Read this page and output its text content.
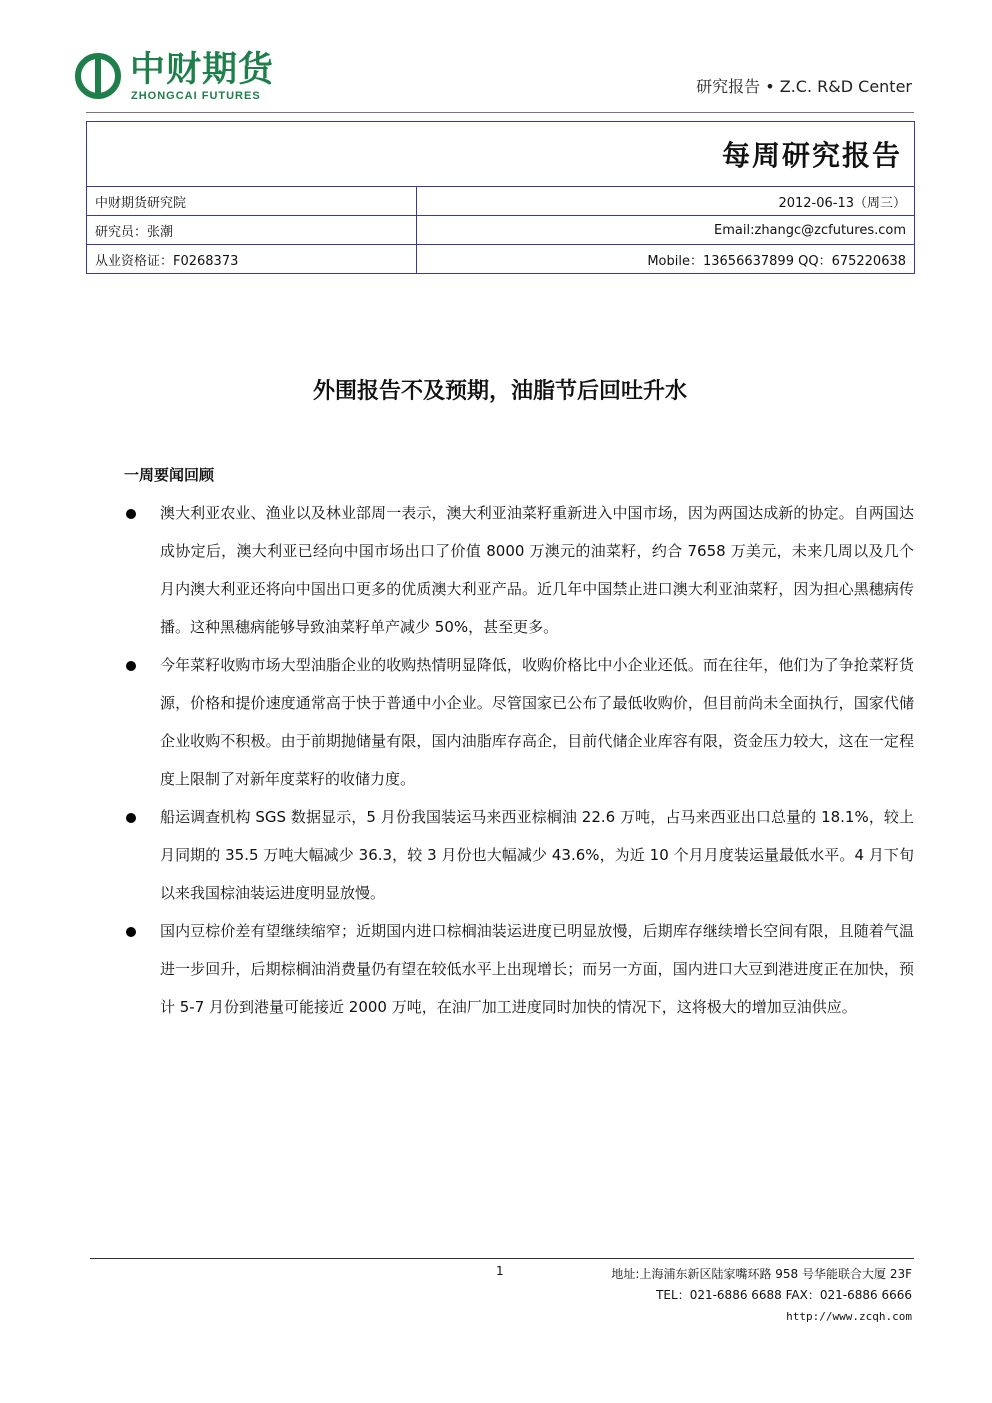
中财期货
ZHONGCAI FUTURES	研究报告 • Z.C. R&D Center
每周研究报告	
中财期货研究院	2012-06-13（周三）
研究员：张潮	Email:zhangc@zcfutures.com
从业资格证：F0268373	Mobile：13656637899 QQ：675220638
外围报告不及预期，油脂节后回吐升水
一周要闻回顾
澳大利亚农业、渔业以及林业部周一表示，澳大利亚油菜籽重新进入中国市场，因为两国达成新的协定。自两国达成协定后，澳大利亚已经向中国市场出口了价值 8000 万澳元的油菜籽，约合 7658 万美元，未来几周以及几个月内澳大利亚还将向中国出口更多的优质澳大利亚产品。近几年中国禁止进口澳大利亚油菜籽，因为担心黑穗病传播。这种黑穗病能够导致油菜籽单产减少 50%，甚至更多。
今年菜籽收购市场大型油脂企业的收购热情明显降低，收购价格比中小企业还低。而在往年，他们为了争抢菜籽货源，价格和提价速度通常高于快于普通中小企业。尽管国家已公布了最低收购价，但目前尚未全面执行，国家代储企业收购不积极。由于前期抛储量有限，国内油脂库存高企，目前代储企业库容有限，资金压力较大，这在一定程度上限制了对新年度菜籽的收储力度。
船运调查机构 SGS 数据显示，5 月份我国装运马来西亚棕榈油 22.6 万吨，占马来西亚出口总量的 18.1%，较上月同期的 35.5 万吨大幅减少 36.3，较 3 月份也大幅减少 43.6%，为近 10 个月月度装运量最低水平。4 月下旬以来我国棕油装运进度明显放慢。
国内豆棕价差有望继续缩窄；近期国内进口棕榈油装运进度已明显放慢，后期库存继续增长空间有限，且随着气温进一步回升，后期棕榈油消费量仍有望在较低水平上出现增长；而另一方面，国内进口大豆到港进度正在加快，预计 5-7 月份到港量可能接近 2000 万吨，在油厂加工进度同时加快的情况下，这将极大的增加豆油供应。
1	地址:上海浦东新区陆家嘴环路 958 号华能联合大厦 23F
TEL：021-6886 6688 FAX：021-6886 6666
http://www.zcqh.com
